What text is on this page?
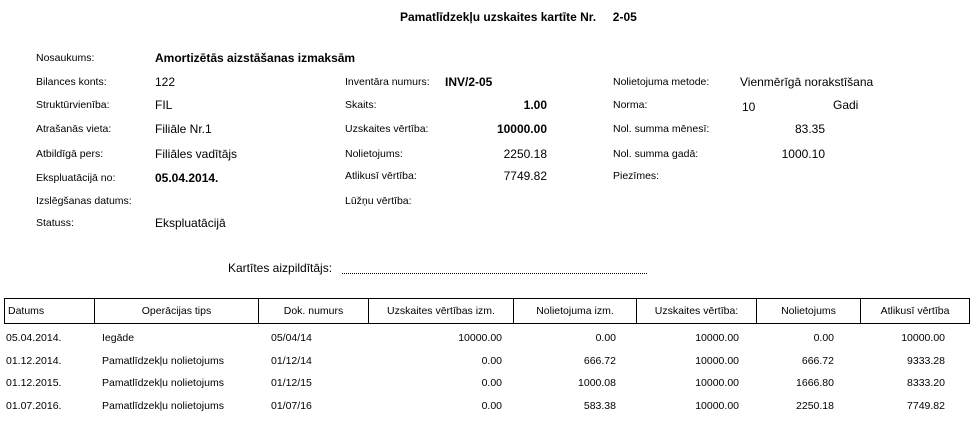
Pamatlīdzekļu uzskaites kartīte Nr. 2-05
Nosaukums:	Amortizētās aizstāšanas izmaksām
Bilances konts:	122
Struktūrvienība:	FIL
Atrašanās vieta:	Filiāle Nr.1
Atbildīgā pers:	Filiāles vadītājs
Ekspluatācijā no:	05.04.2014.
Izslēgšanas datums:
Statuss:	Ekspluatācijā
Inventāra numurs: INV/2-05
Skaits:	1.00
Uzskaites vērtība:	10000.00
Nolietojums:	2250.18
Atlikusī vērtība:	7749.82
Lūžņu vērtība:
Nolietojuma metode:	Vienmērīgā norakstīšana
Norma:	10	Gadi
Nol. summa mēnesī:	83.35
Nol. summa gadā:	1000.10
Piezīmes:
Kartītes aizpildītājs:
Datums	Operācijas tips	Dok. numurs	Uzskaites vērtības izm.	Nolietojuma izm.	Uzskaites vērtība:	Nolietojums	Atlikusī vērtība
05.04.2014.	Iegāde	05/04/14	10000.00	0.00	10000.00	0.00	10000.00
01.12.2014.	Pamatlīdzekļu nolietojums	01/12/14	0.00	666.72	10000.00	666.72	9333.28
01.12.2015.	Pamatlīdzekļu nolietojums	01/12/15	0.00	1000.08	10000.00	1666.80	8333.20
01.07.2016.	Pamatlīdzekļu nolietojums	01/07/16	0.00	583.38	10000.00	2250.18	7749.82
